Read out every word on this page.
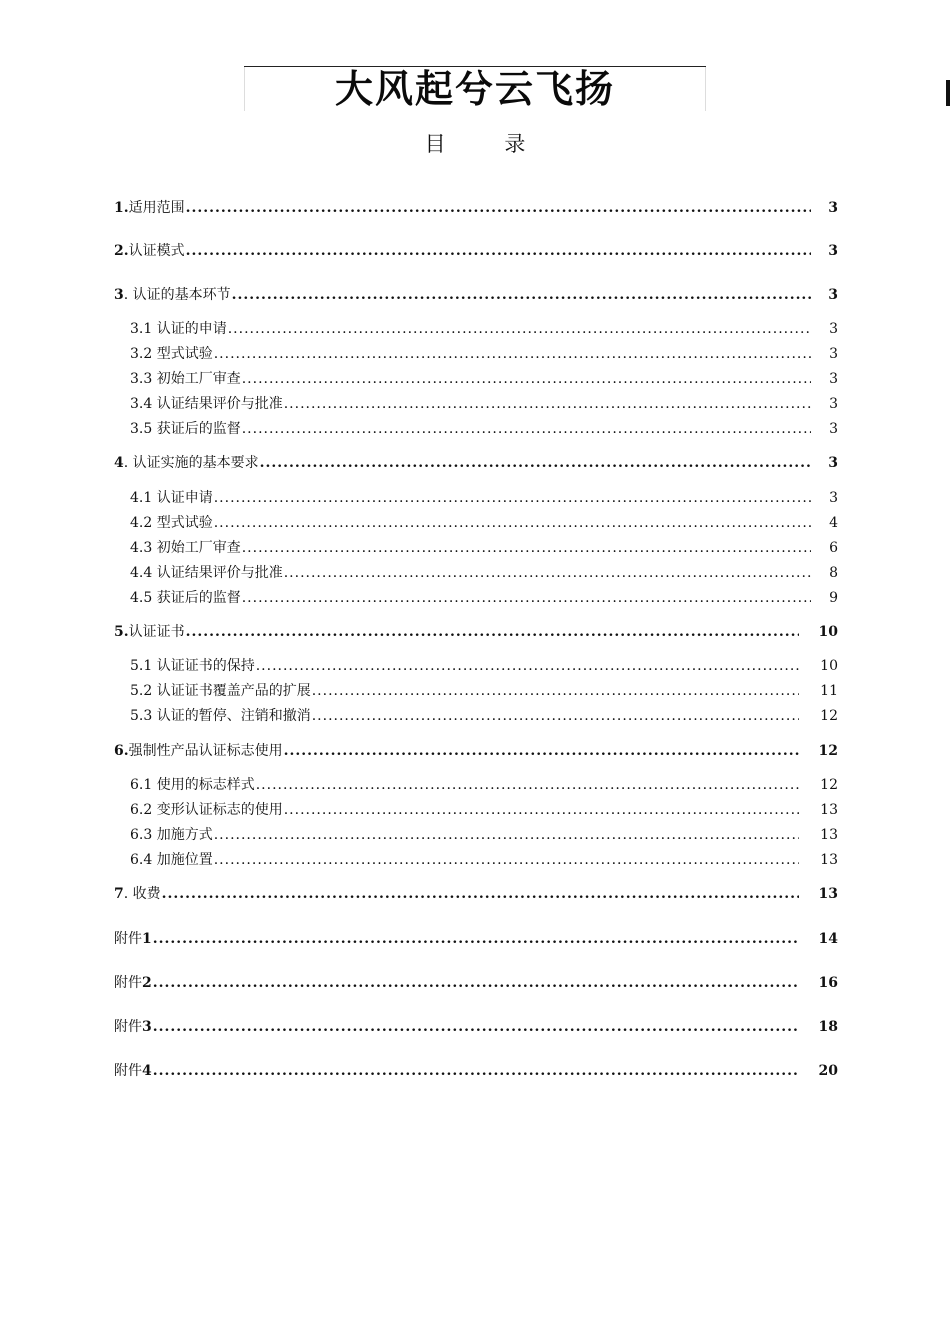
大风起兮云飞扬
目 录
1. 适用范围 .....	3
2. 认证模式 .....	3
3 . 认证的基本环节 .....	3
3.1 认证的申请 .....	3
3.2 型式试验 .....	3
3.3 初始工厂审查 .....	3
3.4 认证结果评价与批准 .....	3
3.5 获证后的监督 .....	3
4 . 认证实施的基本要求 .....	3
4.1 认证申请 .....	3
4.2 型式试验 .....	4
4.3 初始工厂审查 .....	6
4.4 认证结果评价与批准 .....	8
4.5 获证后的监督 .....	9
5. 认证证书 .....	10
5.1 认证证书的保持 .....	10
5.2 认证证书覆盖产品的扩展 .....	11
5.3 认证的暂停、注销和撤消 .....	12
6. 强制性产品认证标志使用 .....	12
6.1 使用的标志样式 .....	12
6.2 变形认证标志的使用 .....	13
6.3 加施方式 .....	13
6.4 加施位置 .....	13
7 . 收费 .....	13
附件 1 .....	14
附件 2 .....	16
附件 3 .....	18
附件 4 .....	20
